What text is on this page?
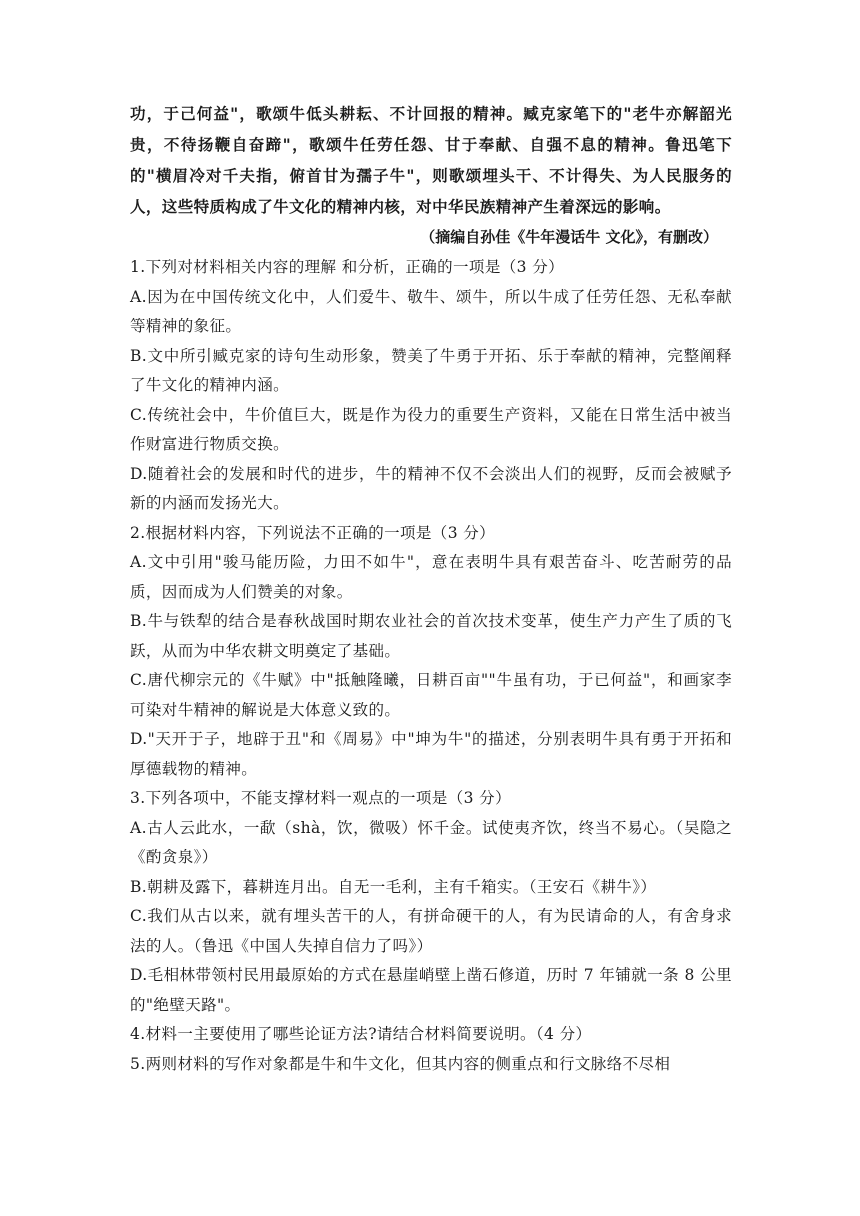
功，于己何益"，歌颂牛低头耕耘、不计回报的精神。臧克家笔下的"老牛亦解韶光贵，不待扬鞭自奋蹄"，歌颂牛任劳任怨、甘于奉献、自强不息的精神。鲁迅笔下的"横眉冷对千夫指，俯首甘为孺子牛"，则歌颂埋头干、不计得失、为人民服务的人，这些特质构成了牛文化的精神内核，对中华民族精神产生着深远的影响。

（摘编自孙佳《牛年漫话牛 文化》，有删改）

1.下列对材料相关内容的理解 和分析，正确的一项是（3 分）

A.因为在中国传统文化中，人们爱牛、敬牛、颂牛，所以牛成了任劳任怨、无私奉献等精神的象征。

B.文中所引臧克家的诗句生动形象，赞美了牛勇于开拓、乐于奉献的精神，完整阐释了牛文化的精神内涵。

C.传统社会中，牛价值巨大，既是作为役力的重要生产资料，又能在日常生活中被当作财富进行物质交换。

D.随着社会的发展和时代的进步，牛的精神不仅不会淡出人们的视野，反而会被赋予新的内涵而发扬光大。

2.根据材料内容，下列说法不正确的一项是（3 分）

A.文中引用"骏马能历险，力田不如牛"，意在表明牛具有艰苦奋斗、吃苦耐劳的品质，因而成为人们赞美的对象。

B.牛与铁犁的结合是春秋战国时期农业社会的首次技术变革，使生产力产生了质的飞跃，从而为中华农耕文明奠定了基础。

C.唐代柳宗元的《牛赋》中"抵触隆曦，日耕百亩""牛虽有功，于已何益"，和画家李可染对牛精神的解说是大体意义致的。

D."天开于子，地辟于丑"和《周易》中"坤为牛"的描述，分别表明牛具有勇于开拓和厚德载物的精神。

3.下列各项中，不能支撑材料一观点的一项是（3 分）

A.古人云此水，一歃（shà，饮，微吸）怀千金。试使夷齐饮，终当不易心。（吴隐之《酌贪泉》）

B.朝耕及露下，暮耕连月出。自无一毛利，主有千箱实。（王安石《耕牛》）

C.我们从古以来，就有埋头苦干的人，有拼命硬干的人，有为民请命的人，有舍身求法的人。（鲁迅《中国人失掉自信力了吗》）

D.毛相林带领村民用最原始的方式在悬崖峭壁上凿石修道，历时 7 年铺就一条 8 公里的"绝壁天路"。

4.材料一主要使用了哪些论证方法?请结合材料简要说明。（4 分）

5.两则材料的写作对象都是牛和牛文化，但其内容的侧重点和行文脉络不尽相
